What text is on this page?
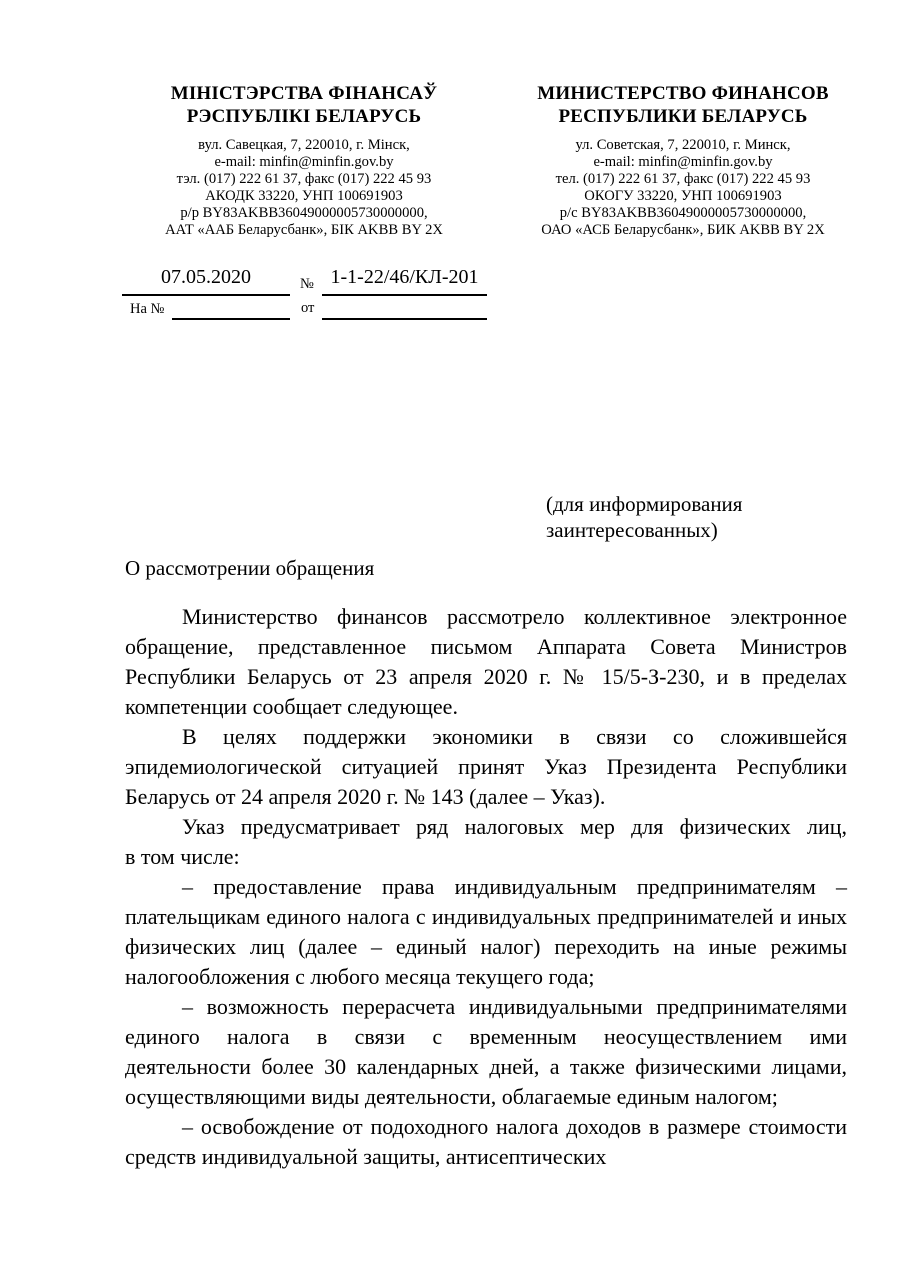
МІНІСТЭРСТВА ФІНАНСАЎ
РЭСПУБЛІКІ БЕЛАРУСЬ
вул. Савецкая, 7, 220010, г. Мінск,
e-mail: minfin@minfin.gov.by
тэл. (017) 222 61 37, факс (017) 222 45 93
АКОДК 33220, УНП 100691903
р/р BY83AKBB36049000005730000000,
ААТ «ААБ Беларусбанк», БІК AKBB BY 2X
МИНИСТЕРСТВО ФИНАНСОВ
РЕСПУБЛИКИ БЕЛАРУСЬ
ул. Советская, 7, 220010, г. Минск,
e-mail: minfin@minfin.gov.by
тел. (017) 222 61 37, факс (017) 222 45 93
ОКОГУ 33220, УНП 100691903
р/с BY83AKBB36049000005730000000,
ОАО «АСБ Беларусбанк», БИК AKBB BY 2X
07.05.2020	№ 1-1-22/46/КЛ-201
На №	от
(для информирования
заинтересованных)
О рассмотрении обращения

Министерство финансов рассмотрело коллективное электронное обращение, представленное письмом Аппарата Совета Министров Республики Беларусь от 23 апреля 2020 г. № 15/5-З-230, и в пределах компетенции сообщает следующее.

В целях поддержки экономики в связи со сложившейся эпидемиологической ситуацией принят Указ Президента Республики Беларусь от 24 апреля 2020 г. № 143 (далее – Указ).

Указ предусматривает ряд налоговых мер для физических лиц, в том числе:

– предоставление права индивидуальным предпринимателям – плательщикам единого налога с индивидуальных предпринимателей и иных физических лиц (далее – единый налог) переходить на иные режимы налогообложения с любого месяца текущего года;

– возможность перерасчета индивидуальными предпринимателями единого налога в связи с временным неосуществлением ими деятельности более 30 календарных дней, а также физическими лицами, осуществляющими виды деятельности, облагаемые единым налогом;

– освобождение от подоходного налога доходов в размере стоимости средств индивидуальной защиты, антисептических
